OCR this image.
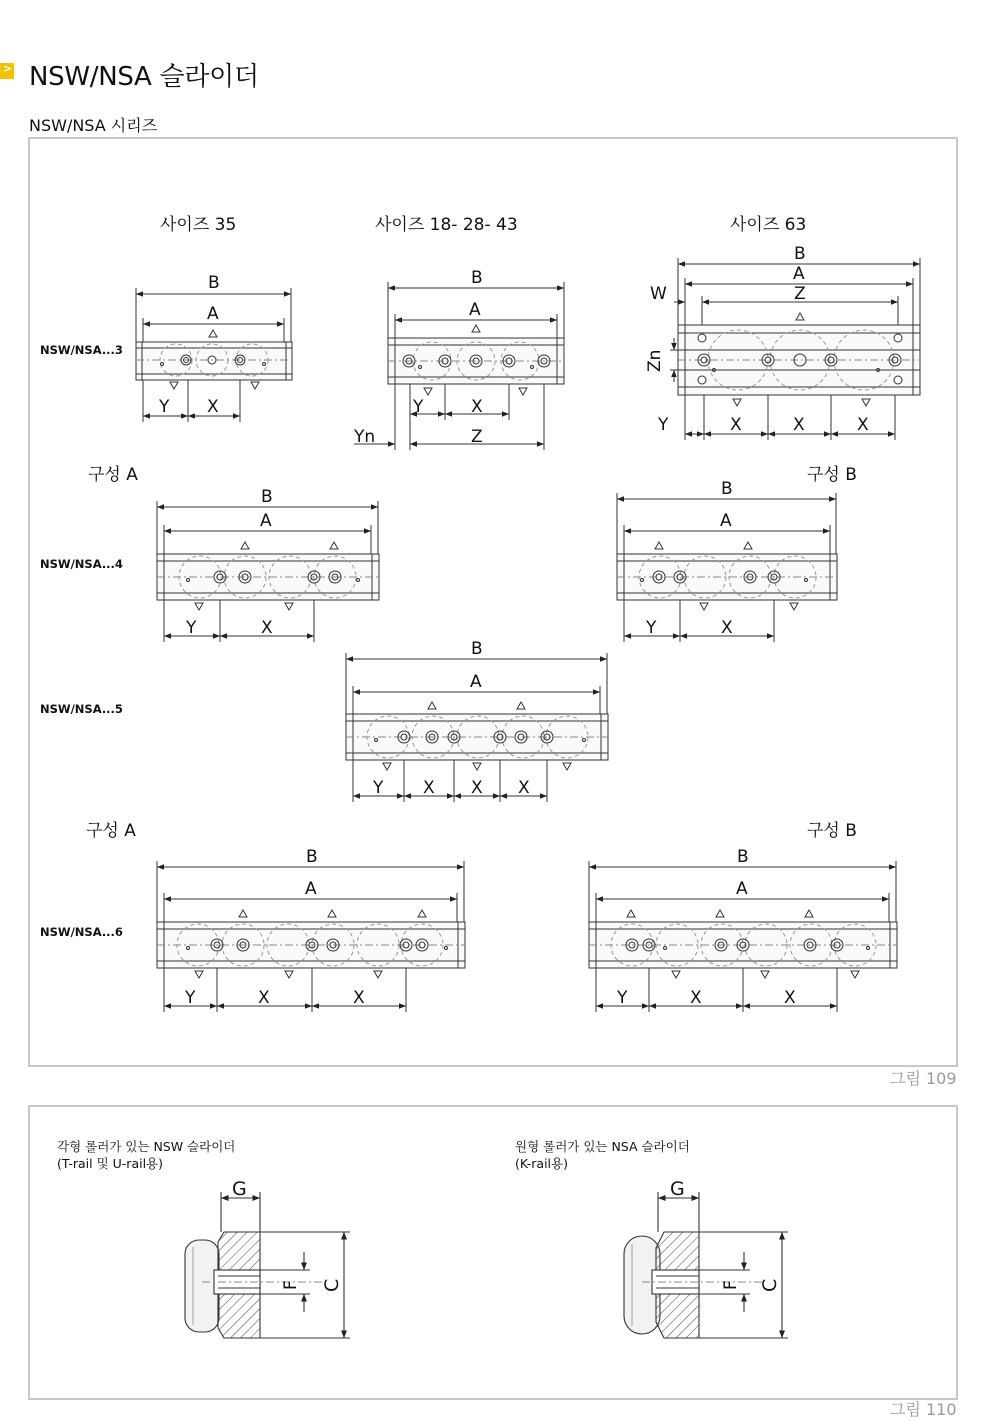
> NSW/NSA 슬라이더
NSW/NSA 시리즈
사이즈 35	사이즈 18- 28- 43	사이즈 63
NSW/NSA...3
NSW/NSA...4
NSW/NSA...5
NSW/NSA...6
구성 A	구성 B
구성 A	구성 B
B
A
Y X
B
A
Y	X
Yn	Z
B
A
Z
W
Y	X	X	X
Zn
B
A
Y	X
B
A
Y	X
B
A
Y X X X
B
A
Y	X	X
B
A
Y	X	X
그림 109
각형 롤러가 있는 NSW 슬라이더
(T-rail 및 U-rail용)
원형 롤러가 있는 NSA 슬라이더
(K-rail용)
G
F C
G
F C
그림 110
